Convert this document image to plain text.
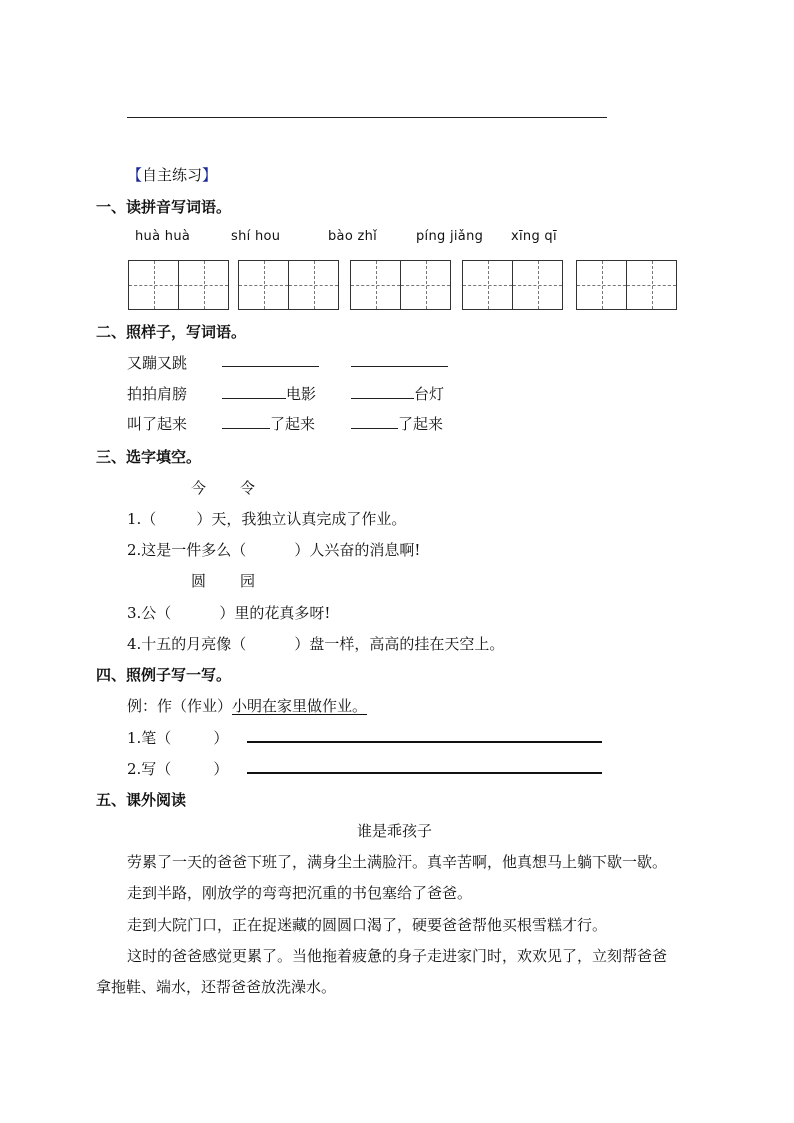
【自主练习】
一、读拼音写词语。
huà huà	shí hou	bào zhǐ	píng jiǎng xīng qī
二、照样子，写词语。
又蹦又跳
拍拍肩膀	电影	台灯
叫了起来	了起来	了起来
三、选字填空。
今 令
1.（	）天，我独立认真完成了作业。
2.这是一件多么（	）人兴奋的消息啊!
圆 园
3.公（	）里的花真多呀!
4.十五的月亮像（	）盘一样，高高的挂在天空上。
四、照例子写一写。
例：作（作业）小明在家里做作业。
1.笔（	）
2.写（	）
五、课外阅读
谁是乖孩子
劳累了一天的爸爸下班了，满身尘土满脸汗。真辛苦啊，他真想马上躺下歇一歇。
走到半路，刚放学的弯弯把沉重的书包塞给了爸爸。
走到大院门口，正在捉迷藏的圆圆口渴了，硬要爸爸帮他买根雪糕才行。
这时的爸爸感觉更累了。当他拖着疲惫的身子走进家门时，欢欢见了，立刻帮爸爸
拿拖鞋、端水，还帮爸爸放洗澡水。
